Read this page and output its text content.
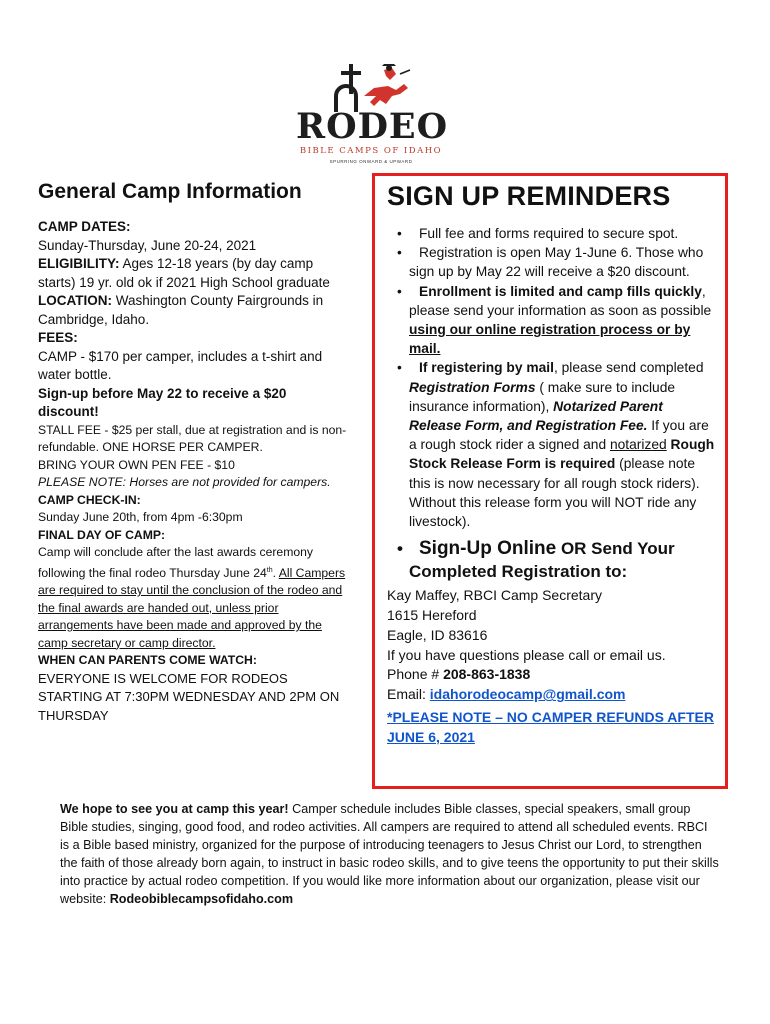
RODEO
BIBLE CAMPS OF IDAHO
SPURRING ONWARD & UPWARD
General Camp Information

CAMP DATES:

Sunday-Thursday, June 20-24, 2021

ELIGIBILITY: Ages 12-18 years (by day camp starts) 19 yr. old ok if 2021 High School graduate

LOCATION: Washington County Fairgrounds in Cambridge, Idaho.

FEES:

CAMP - $170 per camper, includes a t-shirt and water bottle.

Sign-up before May 22 to receive a $20 discount!

STALL FEE - $25 per stall, due at registration and is non-refundable. ONE HORSE PER CAMPER.

BRING YOUR OWN PEN FEE - $10

PLEASE NOTE: Horses are not provided for campers.

CAMP CHECK-IN:

Sunday June 20th, from 4pm -6:30pm

FINAL DAY OF CAMP:

Camp will conclude after the last awards ceremony following the final rodeo Thursday June 24th. All Campers are required to stay until the conclusion of the rodeo and the final awards are handed out, unless prior arrangements have been made and approved by the camp secretary or camp director.

WHEN CAN PARENTS COME WATCH:

EVERYONE IS WELCOME FOR RODEOS STARTING AT 7:30PM WEDNESDAY AND 2PM ON THURSDAY

SIGN UP REMINDERS

• Full fee and forms required to secure spot.

• Registration is open May 1-June 6. Those who sign up by May 22 will receive a $20 discount.

• Enrollment is limited and camp fills quickly, please send your information as soon as possible using our online registration process or by mail.

• If registering by mail, please send completed Registration Forms ( make sure to include insurance information), Notarized Parent Release Form, and Registration Fee. If you are a rough stock rider a signed and notarized Rough Stock Release Form is required (please note this is now necessary for all rough stock riders). Without this release form you will NOT ride any livestock).

• Sign-Up Online OR Send Your Completed Registration to:

Kay Maffey, RBCI Camp Secretary

1615 Hereford

Eagle, ID 83616

If you have questions please call or email us.

Phone # 208-863-1838

Email: idahorodeocamp@gmail.com

*PLEASE NOTE – NO CAMPER REFUNDS AFTER JUNE 6, 2021

We hope to see you at camp this year! Camper schedule includes Bible classes, special speakers, small group Bible studies, singing, good food, and rodeo activities. All campers are required to attend all scheduled events. RBCI is a Bible based ministry, organized for the purpose of introducing teenagers to Jesus Christ our Lord, to strengthen the faith of those already born again, to instruct in basic rodeo skills, and to give teens the opportunity to put their skills into practice by actual rodeo competition. If you would like more information about our organization, please visit our website: Rodeobiblecampsofidaho.com
